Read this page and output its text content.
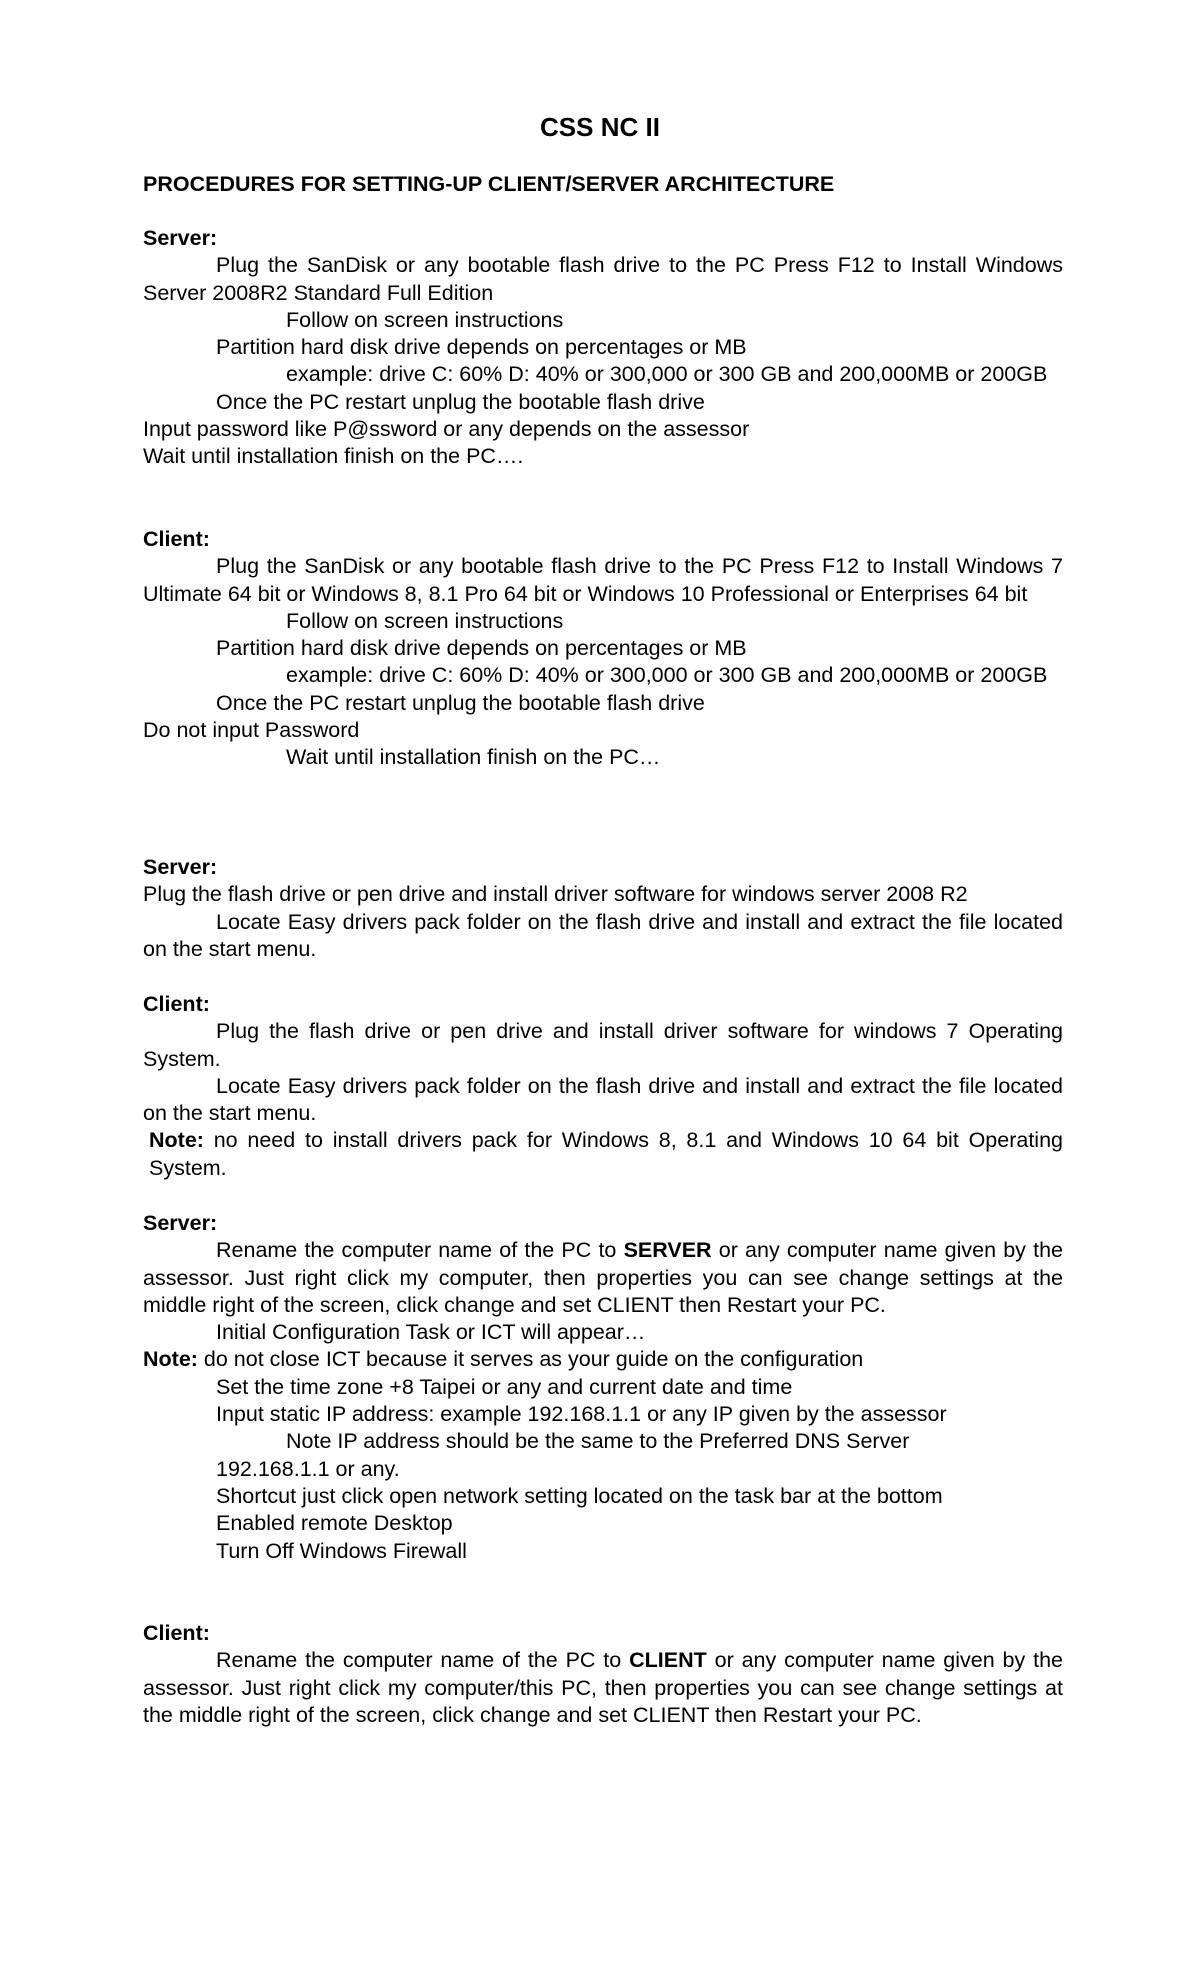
CSS NC II
PROCEDURES FOR SETTING-UP CLIENT/SERVER ARCHITECTURE
Server:
Plug the SanDisk or any bootable flash drive to the PC Press F12 to Install Windows Server 2008R2 Standard Full Edition
Follow on screen instructions
Partition hard disk drive depends on percentages or MB
example: drive C: 60% D: 40% or 300,000 or 300 GB and 200,000MB or 200GB
Once the PC restart unplug the bootable flash drive
Input password like P@ssword or any depends on the assessor
Wait until installation finish on the PC….
Client:
Plug the SanDisk or any bootable flash drive to the PC Press F12 to Install Windows 7 Ultimate 64 bit or Windows 8, 8.1 Pro 64 bit or Windows 10 Professional or Enterprises 64 bit
Follow on screen instructions
Partition hard disk drive depends on percentages or MB
example: drive C: 60% D: 40% or 300,000 or 300 GB and 200,000MB or 200GB
Once the PC restart unplug the bootable flash drive
Do not input Password
Wait until installation finish on the PC…
Server:
Plug the flash drive or pen drive and install driver software for windows server 2008 R2
Locate Easy drivers pack folder on the flash drive and install and extract the file located on the start menu.
Client:
Plug the flash drive or pen drive and install driver software for windows 7 Operating System.
Locate Easy drivers pack folder on the flash drive and install and extract the file located on the start menu.
Note: no need to install drivers pack for Windows 8, 8.1 and Windows 10 64 bit Operating System.
Server:
Rename the computer name of the PC to SERVER or any computer name given by the assessor. Just right click my computer, then properties you can see change settings at the middle right of the screen, click change and set CLIENT then Restart your PC.
Initial Configuration Task or ICT will appear…
Note: do not close ICT because it serves as your guide on the configuration
Set the time zone +8 Taipei or any and current date and time
Input static IP address: example 192.168.1.1 or any IP given by the assessor
Note IP address should be the same to the Preferred DNS Server
192.168.1.1 or any.
Shortcut just click open network setting located on the task bar at the bottom
Enabled remote Desktop
Turn Off Windows Firewall
Client:
Rename the computer name of the PC to CLIENT or any computer name given by the assessor. Just right click my computer/this PC, then properties you can see change settings at the middle right of the screen, click change and set CLIENT then Restart your PC.
